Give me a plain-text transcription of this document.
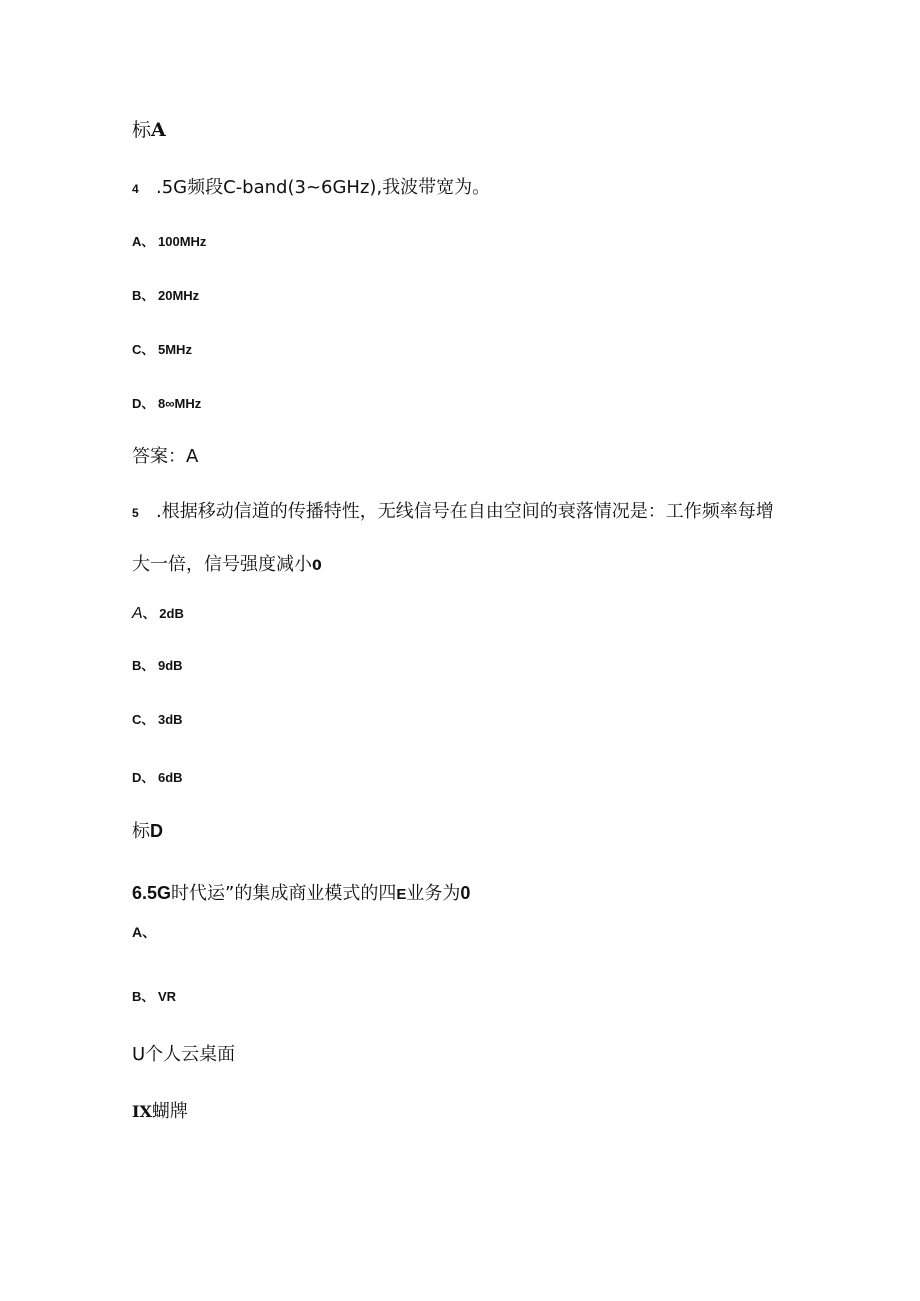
标A
4 .5G频段C-band(3~6GHz),我波带宽为。
A、 100MHz
B、 20MHz
C、 5MHz
D、 8∞MHz
答案：A
5 .根据移动信道的传播特性，无线信号在自由空间的衰落情况是：工作频率每增
大一倍，信号强度减小0
A、 2dB
B、 9dB
C、 3dB
D、 6dB
标D
6.5G时代运”的集成商业模式的四E业务为0
A、
B、 VR
U个人云桌面
IX蝴牌
